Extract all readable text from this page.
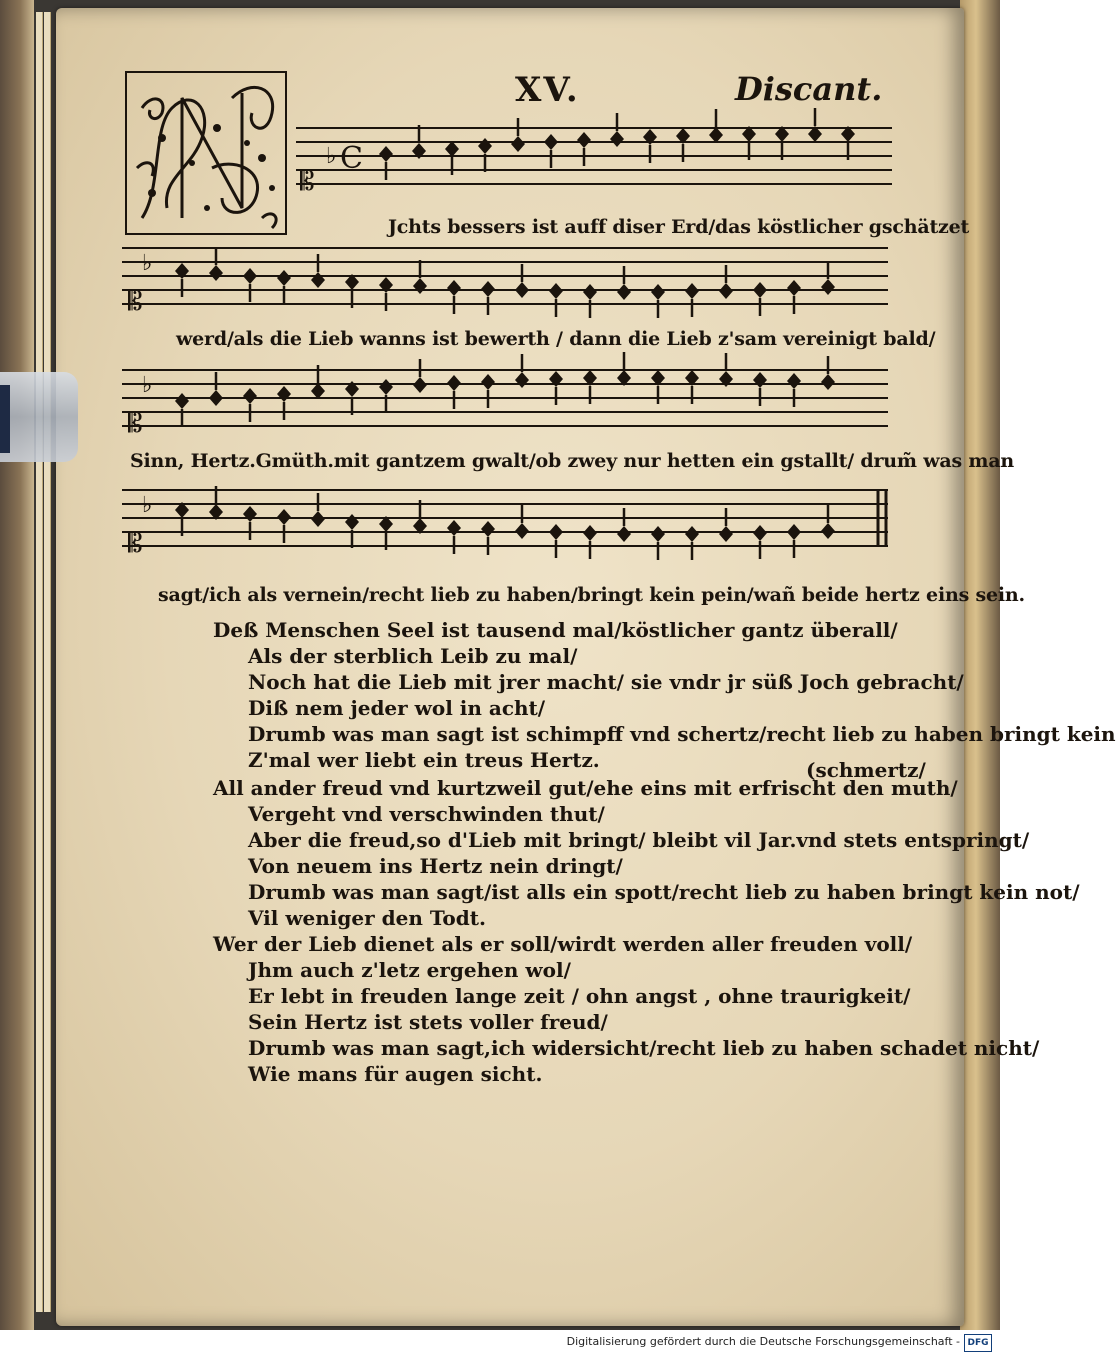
XV.	Discant.
𝄡
♭ C
Jchts bessers ist auff diser Erd/das köstlicher gschätzet
𝄡
♭
werd/als die Lieb wanns ist bewerth / dann die Lieb z'sam vereinigt bald/
𝄡
♭
Sinn, Hertz.Gmüth.mit gantzem gwalt/ob zwey nur hetten ein gstallt/ drum̃ was man
𝄡
♭
sagt/ich als vernein/recht lieb zu haben/bringt kein pein/wañ beide hertz eins sein.
Deß Menschen Seel ist tausend mal/köstlicher gantz überall/
Als der sterblich Leib zu mal/
Noch hat die Lieb mit jrer macht/ sie vndr jr süß Joch gebracht/
Diß nem jeder wol in acht/
Drumb was man sagt ist schimpff vnd schertz/recht lieb zu haben bringt kein
Z'mal wer liebt ein treus Hertz.	(schmertz/
All ander freud vnd kurtzweil gut/ehe eins mit erfrischt den muth/
Vergeht vnd verschwinden thut/
Aber die freud,so d'Lieb mit bringt/ bleibt vil Jar.vnd stets entspringt/
Von neuem ins Hertz nein dringt/
Drumb was man sagt/ist alls ein spott/recht lieb zu haben bringt kein not/
Vil weniger den Todt.
Wer der Lieb dienet als er soll/wirdt werden aller freuden voll/
Jhm auch z'letz ergehen wol/
Er lebt in freuden lange zeit / ohn angst , ohne traurigkeit/
Sein Hertz ist stets voller freud/
Drumb was man sagt,ich widersicht/recht lieb zu haben schadet nicht/
Wie mans für augen sicht.
Digitalisierung gefördert durch die Deutsche Forschungsgemeinschaft - DFG
